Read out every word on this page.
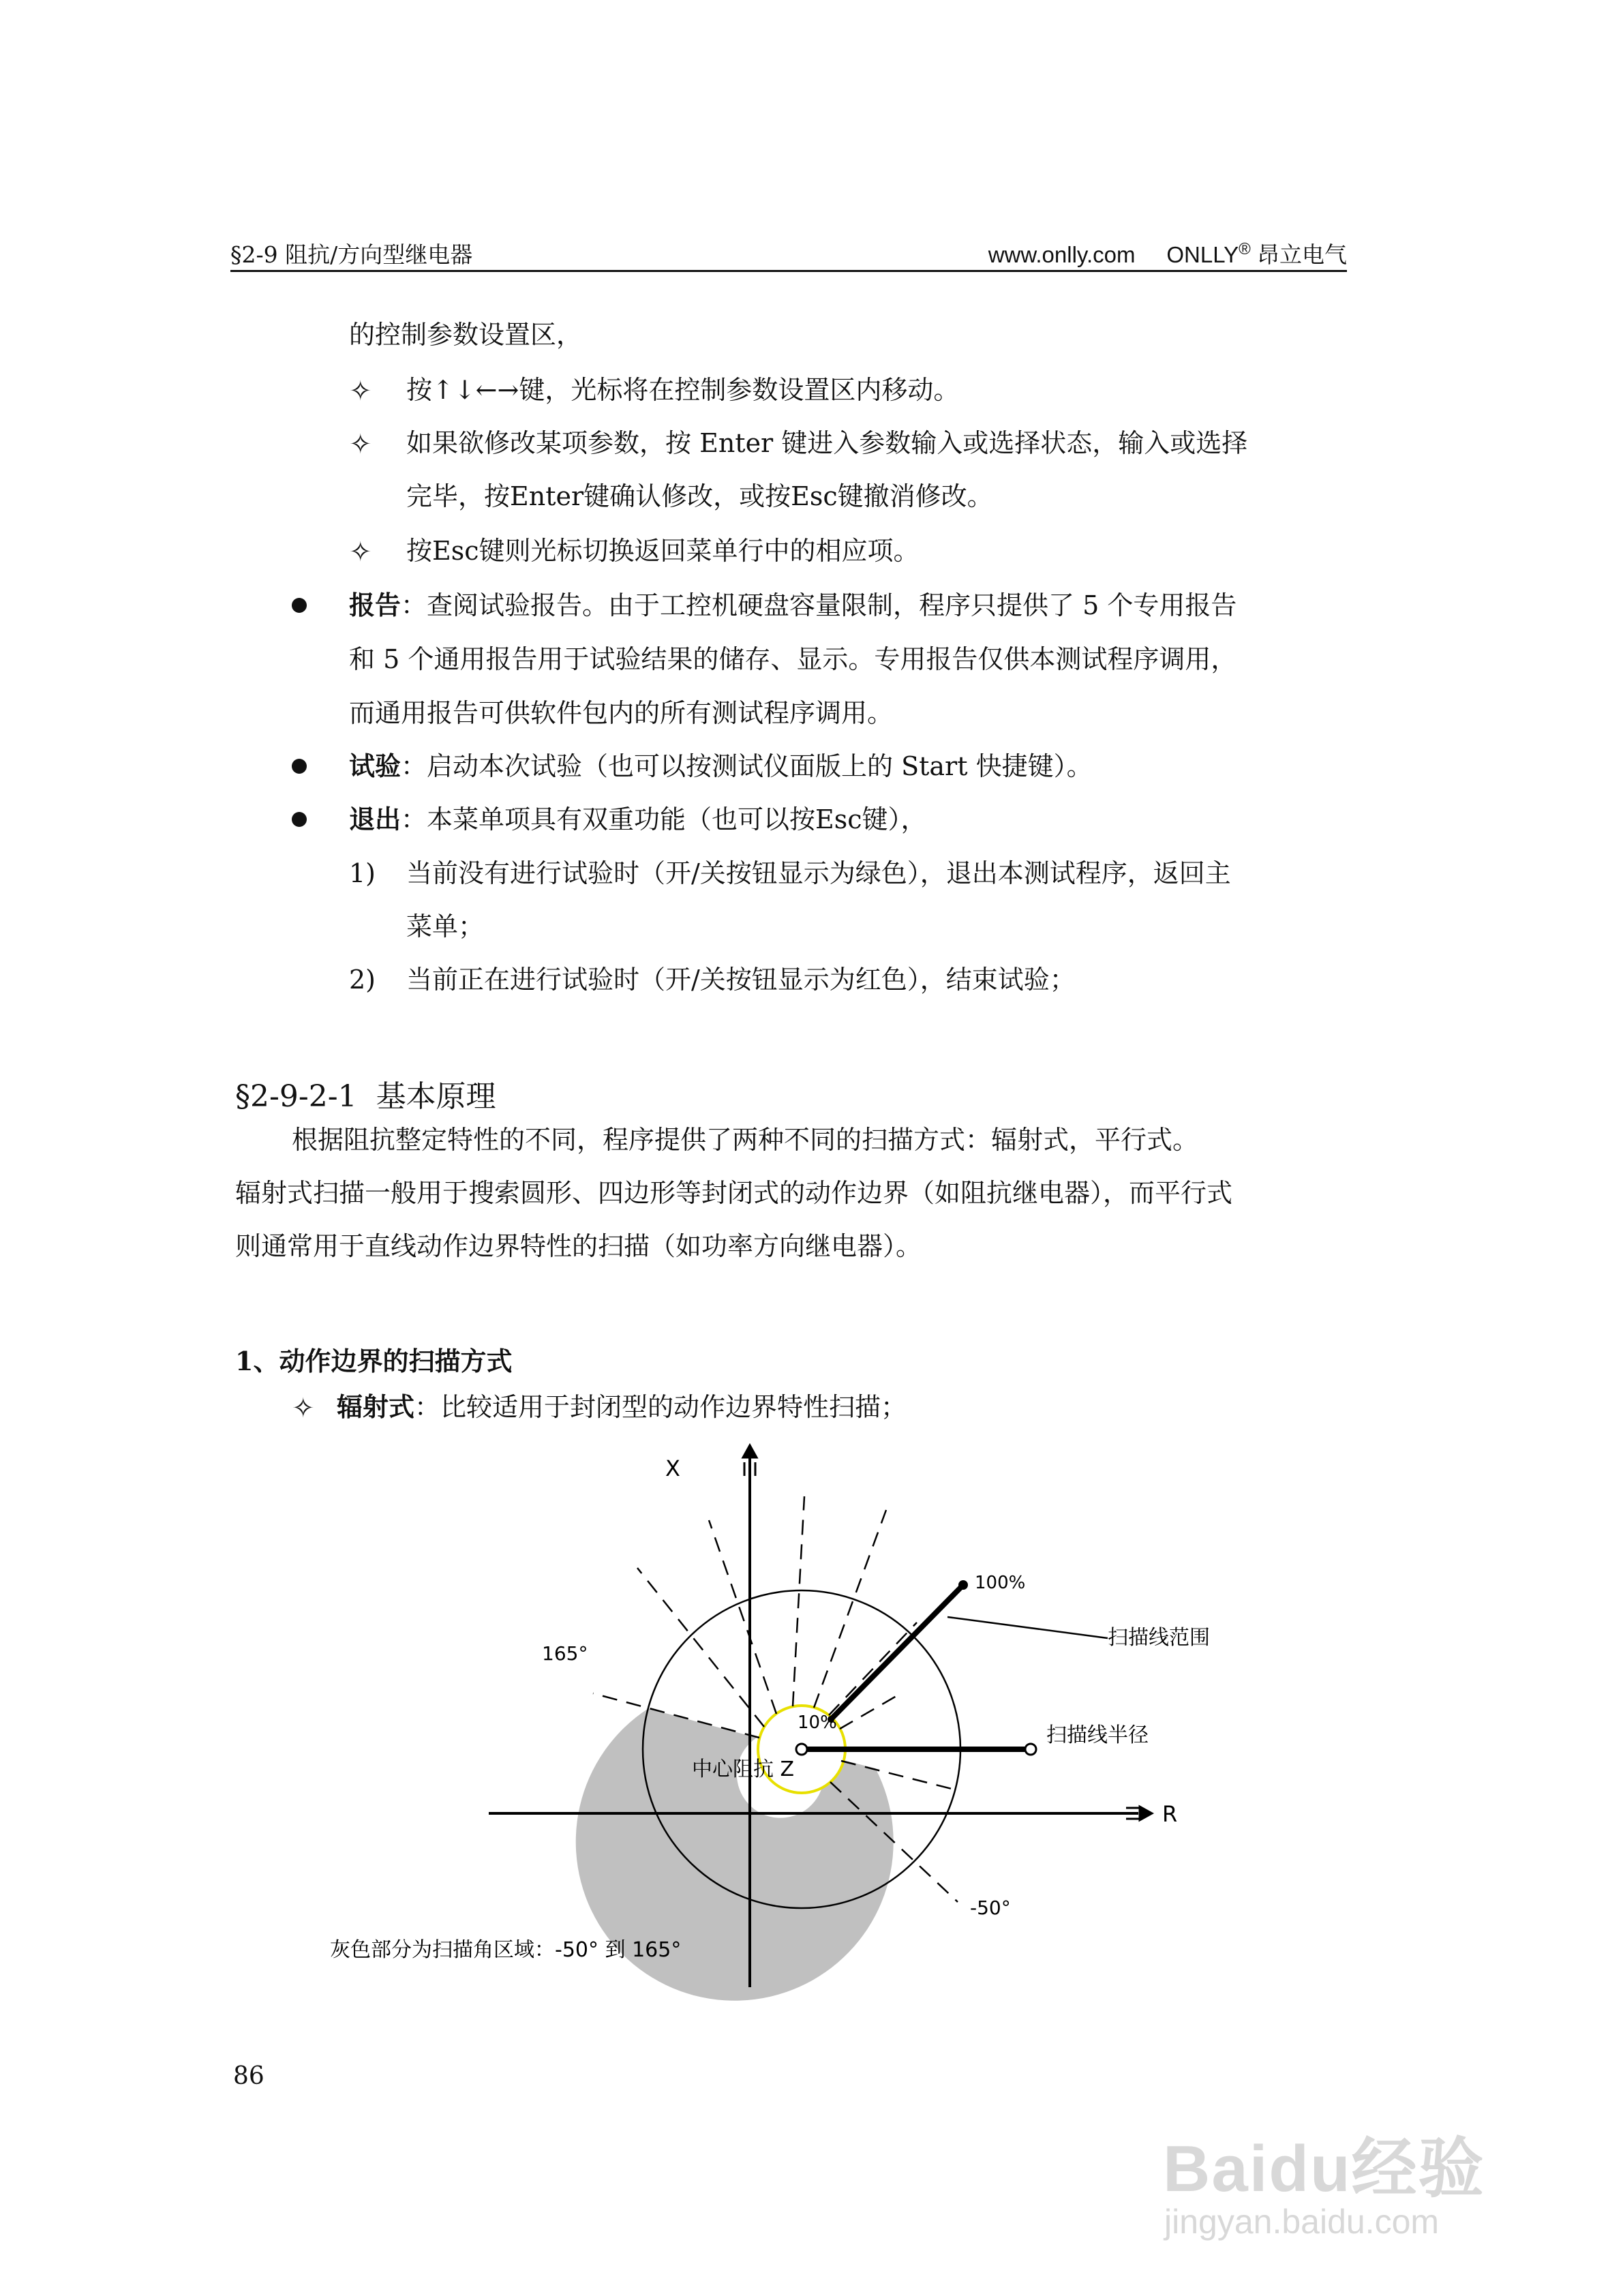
§2-9 阻抗/方向型继电器	www.onlly.com ONLLY® 昂立电气
的控制参数设置区，
✧ 按↑↓←→键，光标将在控制参数设置区内移动。
✧ 如果欲修改某项参数，按 Enter 键进入参数输入或选择状态，输入或选择
完毕，按Enter键确认修改，或按Esc键撤消修改。
✧ 按Esc键则光标切换返回菜单行中的相应项。
报告：查阅试验报告。由于工控机硬盘容量限制，程序只提供了 5 个专用报告
和 5 个通用报告用于试验结果的储存、显示。专用报告仅供本测试程序调用，
而通用报告可供软件包内的所有测试程序调用。
试验：启动本次试验（也可以按测试仪面版上的 Start 快捷键）。
退出：本菜单项具有双重功能（也可以按Esc键），
1) 当前没有进行试验时（开/关按钮显示为绿色），退出本测试程序，返回主
菜单；
2) 当前正在进行试验时（开/关按钮显示为红色），结束试验；
§2-9-2-1 基本原理
根据阻抗整定特性的不同，程序提供了两种不同的扫描方式：辐射式，平行式。
辐射式扫描一般用于搜索圆形、四边形等封闭式的动作边界（如阻抗继电器），而平行式
则通常用于直线动作边界特性的扫描（如功率方向继电器）。
1、动作边界的扫描方式
✧ 辐射式：比较适用于封闭型的动作边界特性扫描；
X
R
100%
10%
扫描线范围
扫描线半径
中心阻抗 Z
165°
-50°
灰色部分为扫描角区域：-50° 到 165°
86
Baidu经验
jingyan.baidu.com
